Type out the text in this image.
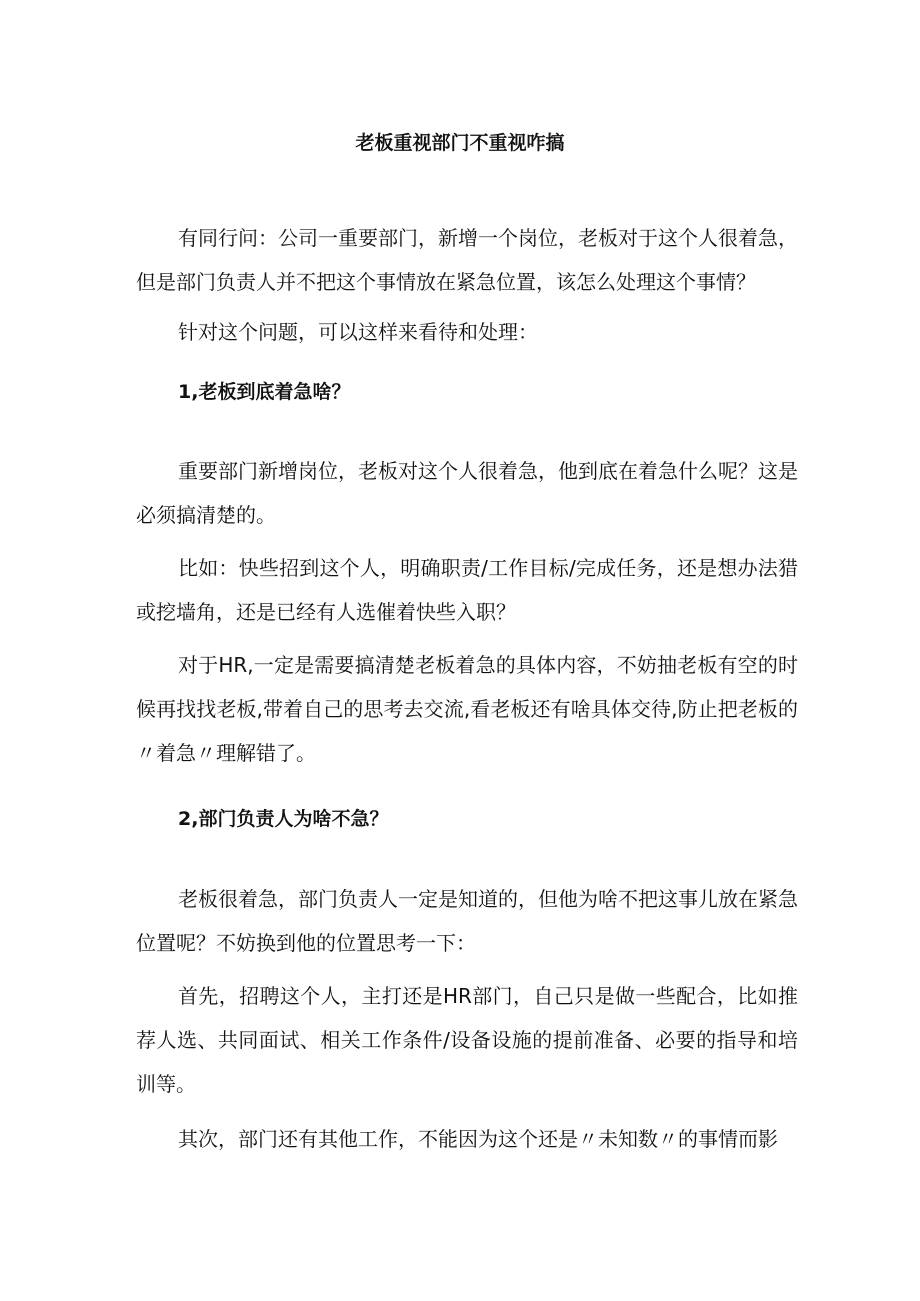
老板重视部门不重视咋搞

有同行问：公司一重要部门，新增一个岗位，老板对于这个人很着急，但是部门负责人并不把这个事情放在紧急位置，该怎么处理这个事情？

针对这个问题，可以这样来看待和处理：

1,老板到底着急啥？

重要部门新增岗位，老板对这个人很着急，他到底在着急什么呢？这是必须搞清楚的。

比如：快些招到这个人，明确职责/工作目标/完成任务，还是想办法猎或挖墙角，还是已经有人选催着快些入职？

对于HR,一定是需要搞清楚老板着急的具体内容，不妨抽老板有空的时候再找找老板,带着自己的思考去交流,看老板还有啥具体交待,防止把老板的〃着急〃理解错了。

2,部门负责人为啥不急？

老板很着急，部门负责人一定是知道的，但他为啥不把这事儿放在紧急位置呢？不妨换到他的位置思考一下：

首先，招聘这个人，主打还是HR部门，自己只是做一些配合，比如推荐人选、共同面试、相关工作条件/设备设施的提前准备、必要的指导和培训等。

其次，部门还有其他工作，不能因为这个还是〃未知数〃的事情而影
